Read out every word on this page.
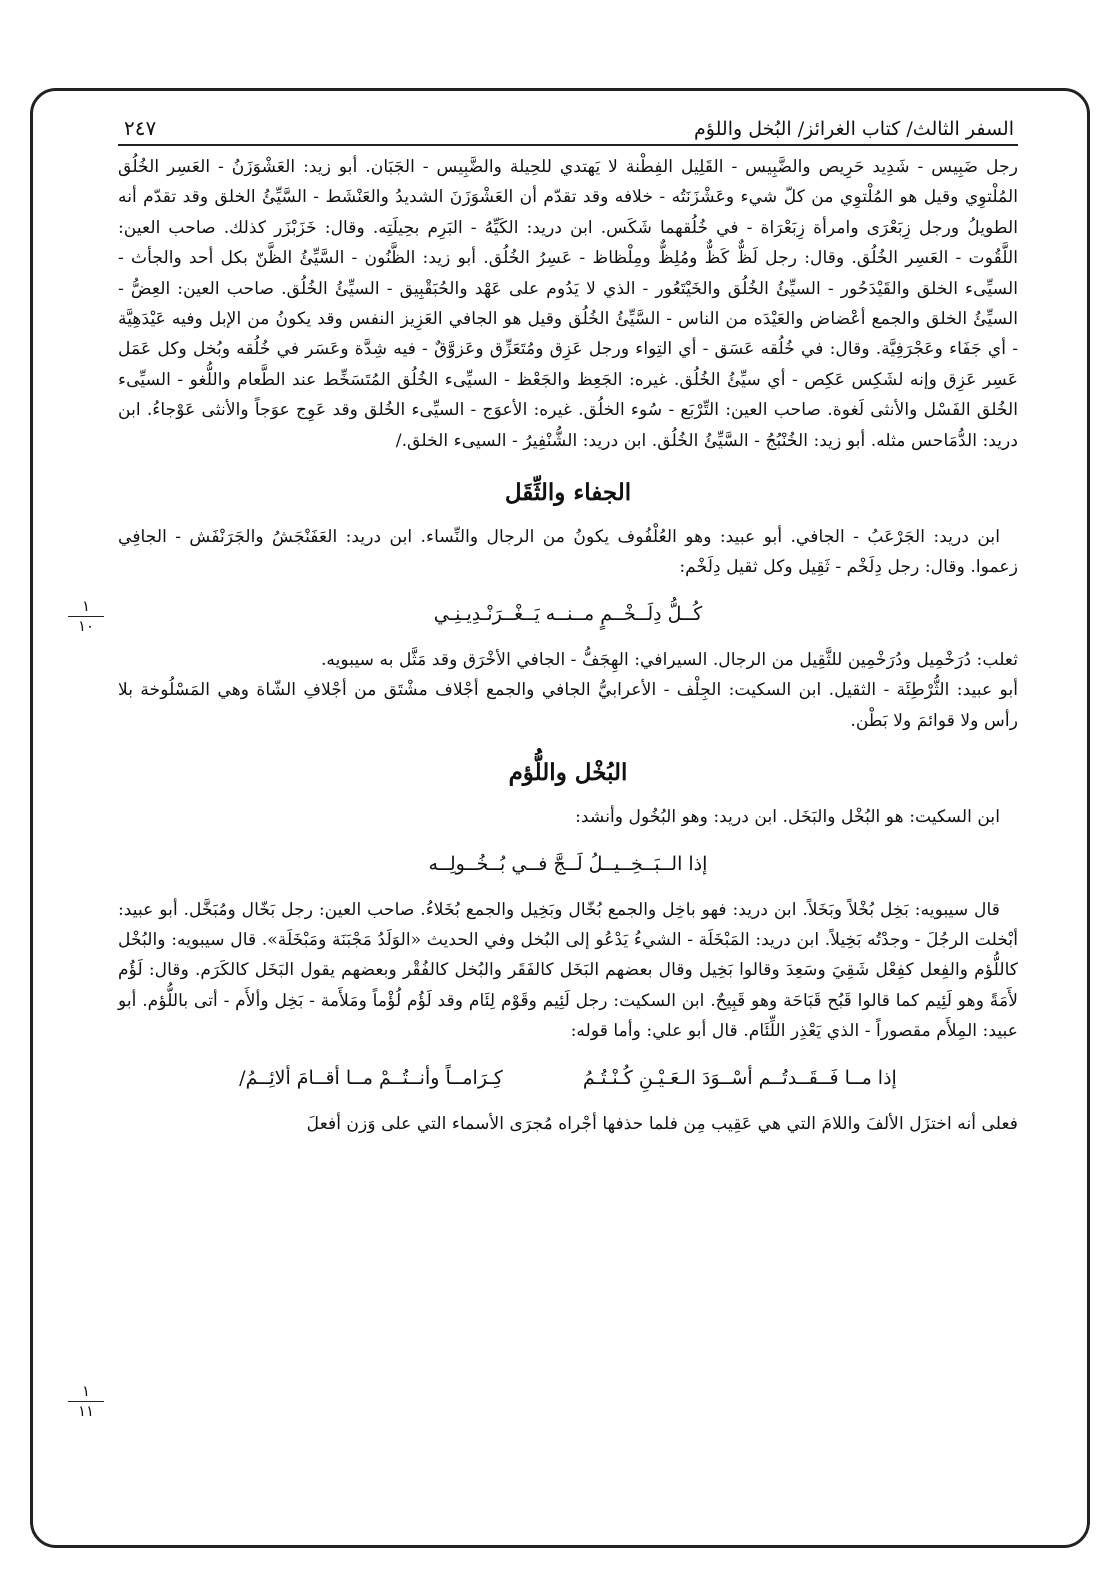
٢٤٧	السفر الثالث/ كتاب الغرائز/ البُخل واللؤم
١
١٠
١
١١

رجل ضَبِيس - شَدِيد حَرِيص والضَّبِيس - القَلِيل الفِطْنة لا يَهتدي للحِيلة والضَّبِيس - الجَبَان. أبو زيد: العَشْوَزَنُ - العَسِر الخُلُق المُلْتوِي وقيل هو المُلْتوِي من كلّ شيء وعَشْزَنَتُه - خلافه وقد تقدّم أن العَشْوَزَنَ الشديدُ والعَنْشَط - السَّيِّئُ الخلق وقد تقدّم أنه الطويلُ ورجل زِبَعْرَى وامرأة زِبَعْرَاة - في خُلُقهما شَكَس. ابن دريد: الكَيِّهُ - البَرِم بحِيلَتِه. وقال: خَزَبْزَر كذلك. صاحب العين: اللَّقُوت - العَسِر الخُلُق. وقال: رجل لَظٌّ كَظٌّ ومُلِظٌّ ومِلْظاظ - عَسِرُ الخُلُق. أبو زيد: الظَّنُون - السَّيِّئُ الظَّنّ بكل أحد والجأث - السيِّىء الخلق والقَيْدَحُور - السيِّئُ الخُلُق والخَيْتَعُور - الذي لا يَدُوم على عَهْد والحُبَقْبِيق - السيِّئُ الخُلُق. صاحب العين: العِضُّ - السيِّئُ الخلق والجمع أعْضاض والعَيْدَه من الناس - السَّيِّئُ الخُلُق وقيل هو الجافي العَزِيز النفس وقد يكونُ من الإبل وفيه عَيْدَهِيَّة - أي جَفَاء وعَجْرَفِيَّة. وقال: في خُلُقه عَسَق - أي التِواء ورجل عَزِق ومُتَعَزِّق وعَزوَّقٌ - فيه شِدَّة وعَسَر في خُلُقه وبُخل وكل عَمَل عَسِر عَزِق وإنه لشَكِس عَكِص - أي سيِّئُ الخُلُق. غيره: الجَعِظ والجَعْظ - السيِّىء الخُلُق المُتَسَخِّط عند الطَّعام واللُّغو - السيِّىء الخُلق الفَسْل والأنثى لَغوة. صاحب العين: التِّرْبَع - سُوء الخلُق. غيره: الأعوَج - السيِّىء الخُلق وقد عَوِج عوَجاً والأنثى عَوْجاءُ. ابن دريد: الدُّمَاحس مثله. أبو زيد: الخُنْبُجُ - السَّيِّئُ الخُلُق. ابن دريد: الشُّنْفِيرُ - السيىء الخلق./

الجفاء والثِّقَل

ابن دريد: الجَرْعَبُ - الجافي. أبو عبيد: وهو العُلْفُوف يكونُ من الرجال والنِّساء. ابن دريد: العَفَنْجَشُ والجَرَنْفَش - الجافِي زعموا. وقال: رجل دِلَخْم - ثَقِيل وكل ثقيل دِلَخْم:

كُــلُّ دِلَــخْــمٍ مــنــه يَــغْــرَنْـدِيـنِـي

ثعلب: دُرَخْمِيل ودُرَخْمِين للثَّقِيل من الرجال. السيرافي: الهِجَفُّ - الجافي الأخْرَق وقد مَثَّل به سيبويه.

أبو عبيد: الثُّرْطِئَة - الثقيل. ابن السكيت: الجِلْف - الأعرابيُّ الجافي والجمع أجْلاف مشْتَق من أجْلافِ الشّاة وهي المَسْلُوخة بلا رأس ولا قوائمَ ولا بَطْن.

البُخْل واللُّؤم

ابن السكيت: هو البُخْل والبَخَل. ابن دريد: وهو البُخُول وأنشد:

إذا الــبَــخِــيــلُ لَــجَّ فــي بُــخُــولِــه

قال سيبويه: بَخِل بُخْلاً وبَخَلاً. ابن دريد: فهو باخِل والجمع بُخّال وبَخِيل والجمع بُخَلاءُ. صاحب العين: رجل بَخّال ومُبَخَّل. أبو عبيد: أبْخلت الرجُلَ - وجدْتُه بَخِيلاً. ابن دريد: المَبْخَلَة - الشيءُ يَدْعُو إلى البُخل وفي الحديث «الوَلَدُ مَجْبَنَة ومَبْخَلَة». قال سيبويه: والبُخْل كاللُّؤم والفِعل كفِعْل شَقِيَ وسَعِدَ وقالوا بَخِيل وقال بعضهم البَخَل كالفَقَر والبُخل كالفُقْر وبعضهم يقول البَخَل كالكَرَم. وقال: لَؤُم لأَمَةً وهو لَئِيم كما قالوا قَبُح قَبَاحَة وهو قَبِيحٌ. ابن السكيت: رجل لَئِيم وقَوْم لِئَام وقد لَؤُم لُؤْماً ومَلأَمة - بَخِل وألأَم - أتى باللُّؤم. أبو عبيد: المِلأَم مقصوراً - الذي يَعْذِر اللِّئَام. قال أبو علي: وأما قوله:

إذا مــا فَــقَــدتُــم أسْــوَدَ الـعَـيْـنِ كُـنْـتُـمُ
كِـرَامــاً وأنــتُــمْ مــا أقــامَ ألائِــمُ/

فعلى أنه اختزَل الألفَ واللامَ التي هي عَقِيب مِن فلما حذفها أجْراه مُجرَى الأسماء التي على وَزن أفعلَ
